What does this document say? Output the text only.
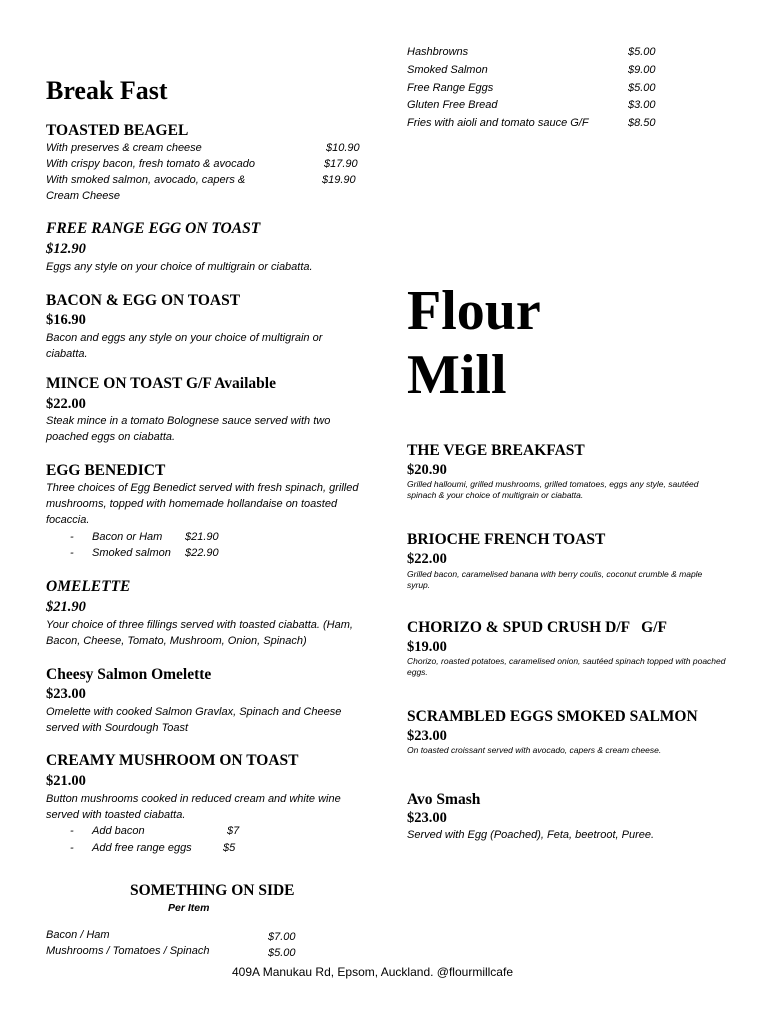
Break Fast
TOASTED BEAGEL
With preserves & cream cheese	$10.90
With crispy bacon, fresh tomato & avocado	$17.90
With smoked salmon, avocado, capers &	$19.90
Cream Cheese
FREE RANGE EGG ON TOAST
$12.90
Eggs any style on your choice of multigrain or ciabatta.
BACON & EGG ON TOAST
$16.90
Bacon and eggs any style on your choice of multigrain or ciabatta.
MINCE ON TOAST G/F Available
$22.00
Steak mince in a tomato Bolognese sauce served with two poached eggs on ciabatta.
EGG BENEDICT
Three choices of Egg Benedict served with fresh spinach, grilled mushrooms, topped with homemade hollandaise on toasted focaccia.
- Bacon or Ham $21.90
- Smoked salmon $22.90
OMELETTE
$21.90
Your choice of three fillings served with toasted ciabatta. (Ham, Bacon, Cheese, Tomato, Mushroom, Onion, Spinach)
Cheesy Salmon Omelette
$23.00
Omelette with cooked Salmon Gravlax, Spinach and Cheese served with Sourdough Toast
CREAMY MUSHROOM ON TOAST
$21.00
Button mushrooms cooked in reduced cream and white wine served with toasted ciabatta.
- Add bacon	$7
- Add free range eggs	$5
SOMETHING ON SIDE
Per Item
Bacon / Ham	$7.00
Mushrooms / Tomatoes / Spinach	$5.00
Hashbrowns	$5.00
Smoked Salmon	$9.00
Free Range Eggs	$5.00
Gluten Free Bread	$3.00
Fries with aioli and tomato sauce G/F	$8.50
Flour
Mill
THE VEGE BREAKFAST
$20.90
Grilled halloumi, grilled mushrooms, grilled tomatoes, eggs any style, sautéed spinach & your choice of multigrain or ciabatta.
BRIOCHE FRENCH TOAST
$22.00
Grilled bacon, caramelised banana with berry coulis, coconut crumble & maple syrup.
CHORIZO & SPUD CRUSH D/F   G/F
$19.00
Chorizo, roasted potatoes, caramelised onion, sautéed spinach topped with poached eggs.
SCRAMBLED EGGS SMOKED SALMON
$23.00
On toasted croissant served with avocado, capers & cream cheese.
Avo Smash
$23.00
Served with Egg (Poached), Feta, beetroot, Puree.
409A Manukau Rd, Epsom, Auckland. @flourmillcafe
